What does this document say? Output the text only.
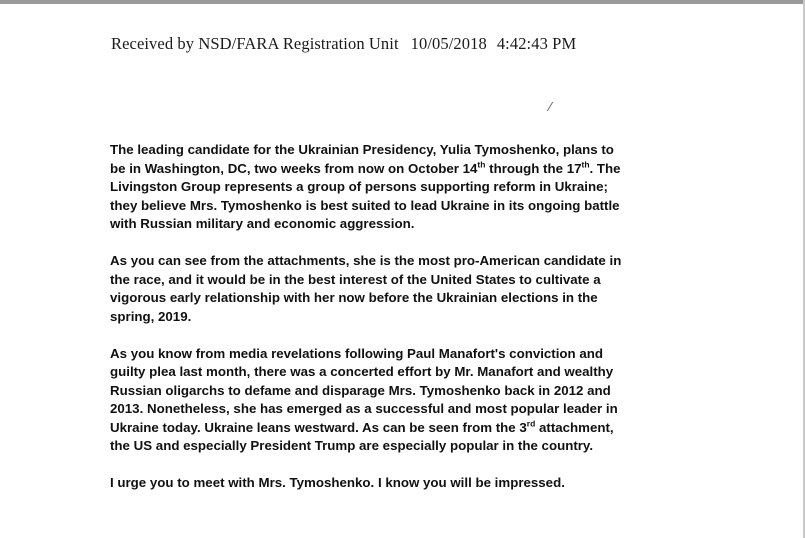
Received by NSD/FARA Registration Unit 10/05/2018 4:42:43 PM
⁄

The leading candidate for the Ukrainian Presidency, Yulia Tymoshenko, plans to
be in Washington, DC, two weeks from now on October 14th through the 17th. The
Livingston Group represents a group of persons supporting reform in Ukraine;
they believe Mrs. Tymoshenko is best suited to lead Ukraine in its ongoing battle
with Russian military and economic aggression.

As you can see from the attachments, she is the most pro-American candidate in
the race, and it would be in the best interest of the United States to cultivate a
vigorous early relationship with her now before the Ukrainian elections in the
spring, 2019.

As you know from media revelations following Paul Manafort's conviction and
guilty plea last month, there was a concerted effort by Mr. Manafort and wealthy
Russian oligarchs to defame and disparage Mrs. Tymoshenko back in 2012 and
2013. Nonetheless, she has emerged as a successful and most popular leader in
Ukraine today. Ukraine leans westward. As can be seen from the 3rd attachment,
the US and especially President Trump are especially popular in the country.

I urge you to meet with Mrs. Tymoshenko. I know you will be impressed.
